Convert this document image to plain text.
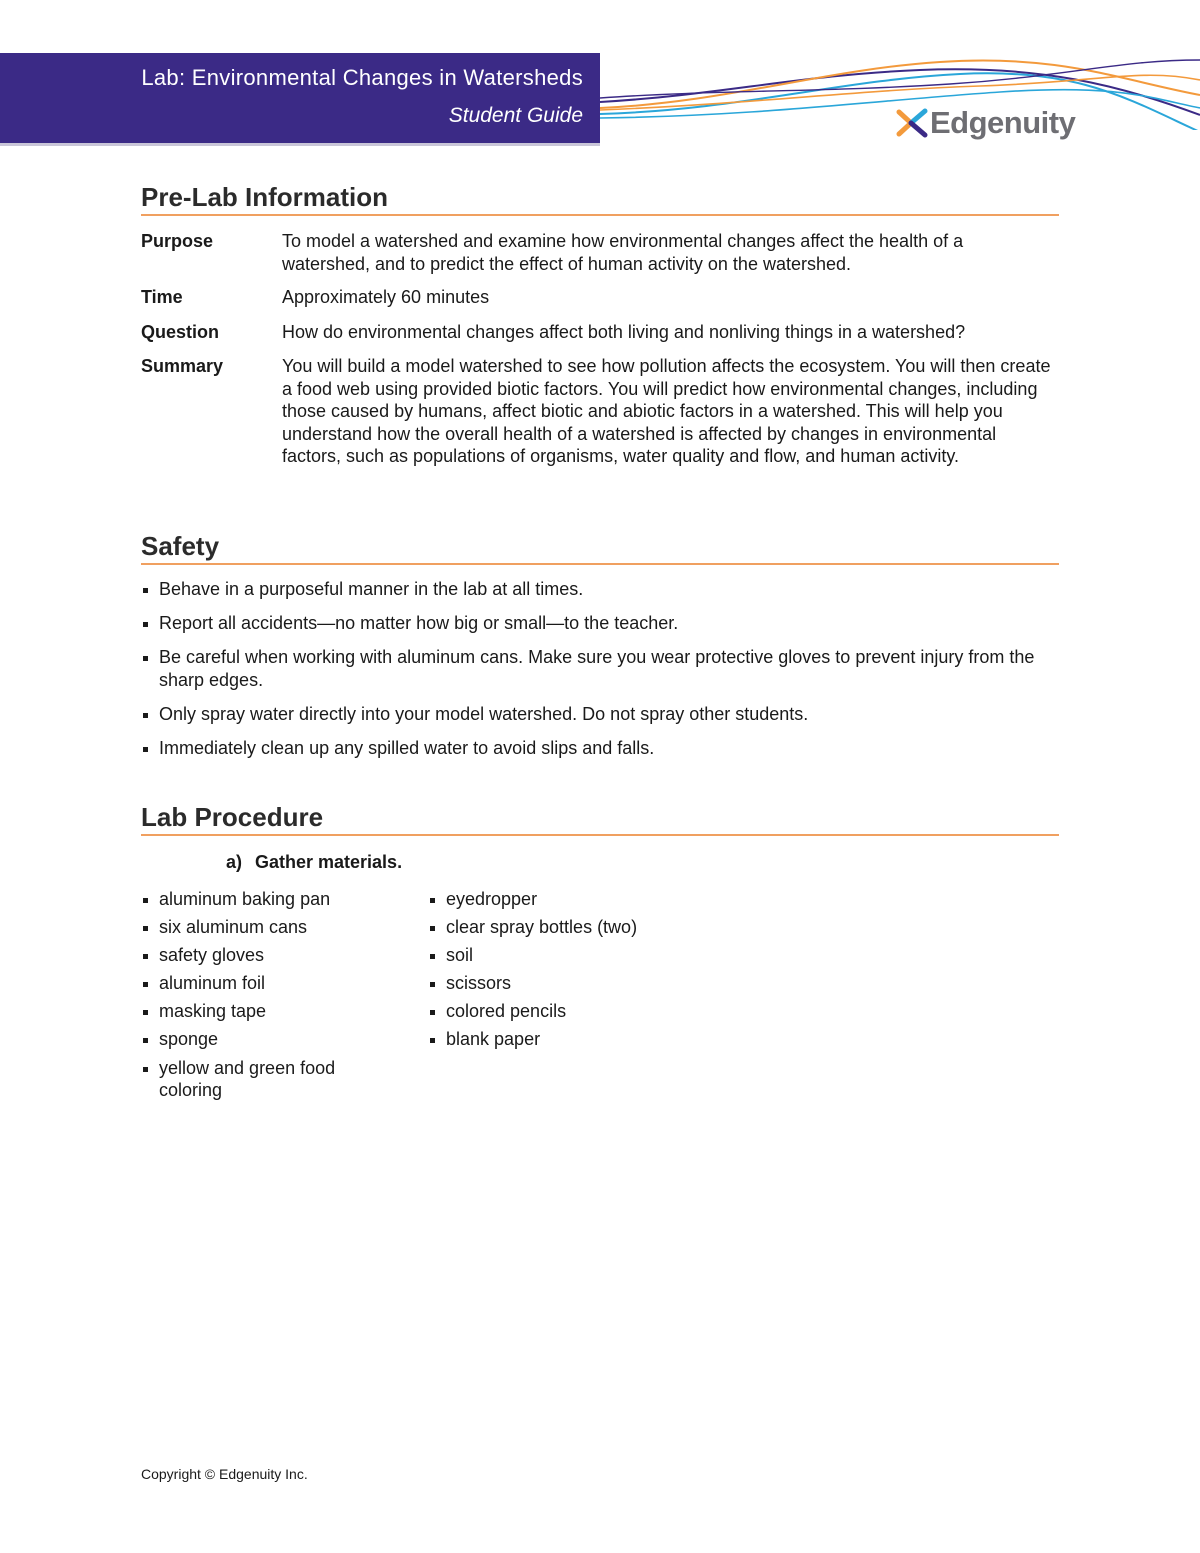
Lab: Environmental Changes in Watersheds
Student Guide	Edgenuity
Pre-Lab Information
Purpose	To model a watershed and examine how environmental changes affect the health of a watershed, and to predict the effect of human activity on the watershed.
Time	Approximately 60 minutes
Question	How do environmental changes affect both living and nonliving things in a watershed?
Summary	You will build a model watershed to see how pollution affects the ecosystem. You will then create a food web using provided biotic factors. You will predict how environmental changes, including those caused by humans, affect biotic and abiotic factors in a watershed. This will help you understand how the overall health of a watershed is affected by changes in environmental factors, such as populations of organisms, water quality and flow, and human activity.
Safety
Behave in a purposeful manner in the lab at all times.
Report all accidents—no matter how big or small—to the teacher.
Be careful when working with aluminum cans. Make sure you wear protective gloves to prevent injury from the sharp edges.
Only spray water directly into your model watershed. Do not spray other students.
Immediately clean up any spilled water to avoid slips and falls.
Lab Procedure
a) Gather materials.
aluminum baking pan
six aluminum cans
safety gloves
aluminum foil
masking tape
sponge
yellow and green food coloring
eyedropper
clear spray bottles (two)
soil
scissors
colored pencils
blank paper
Copyright © Edgenuity Inc.
